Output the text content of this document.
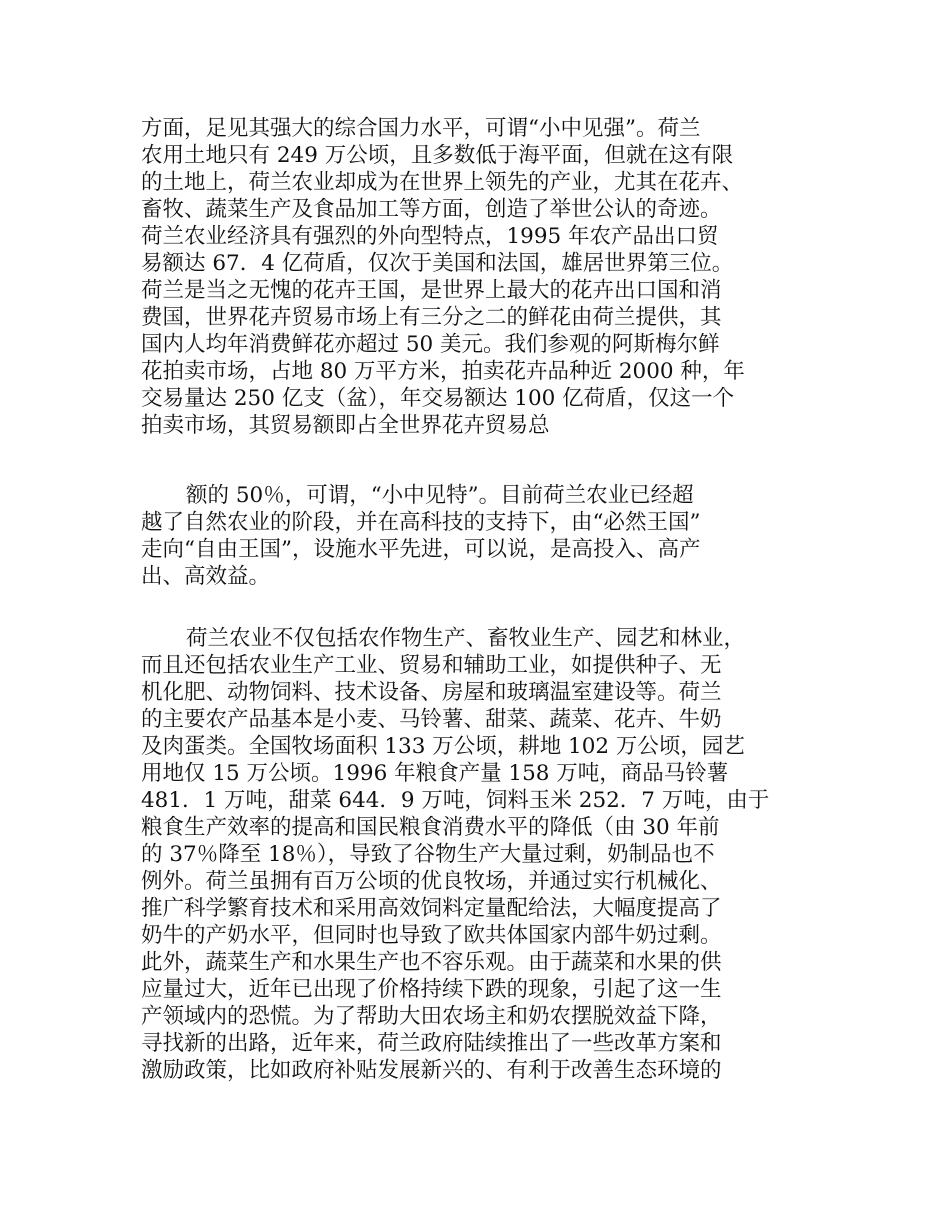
方面，足见其强大的综合国力水平，可谓“小中见强”。荷兰
农用土地只有 249 万公顷，且多数低于海平面，但就在这有限
的土地上，荷兰农业却成为在世界上领先的产业，尤其在花卉、
畜牧、蔬菜生产及食品加工等方面，创造了举世公认的奇迹。
荷兰农业经济具有强烈的外向型特点，1995 年农产品出口贸
易额达 67．4 亿荷盾，仅次于美国和法国，雄居世界第三位。
荷兰是当之无愧的花卉王国，是世界上最大的花卉出口国和消
费国，世界花卉贸易市场上有三分之二的鲜花由荷兰提供，其
国内人均年消费鲜花亦超过 50 美元。我们参观的阿斯梅尔鲜
花拍卖市场，占地 80 万平方米，拍卖花卉品种近 2000 种，年
交易量达 250 亿支（盆），年交易额达 100 亿荷盾，仅这一个
拍卖市场，其贸易额即占全世界花卉贸易总
额的 50％，可谓，“小中见特”。目前荷兰农业已经超
越了自然农业的阶段，并在高科技的支持下，由“必然王国”
走向“自由王国”，设施水平先进，可以说，是高投入、高产
出、高效益。
荷兰农业不仅包括农作物生产、畜牧业生产、园艺和林业，
而且还包括农业生产工业、贸易和辅助工业，如提供种子、无
机化肥、动物饲料、技术设备、房屋和玻璃温室建设等。荷兰
的主要农产品基本是小麦、马铃薯、甜菜、蔬菜、花卉、牛奶
及肉蛋类。全国牧场面积 133 万公顷，耕地 102 万公顷，园艺
用地仅 15 万公顷。1996 年粮食产量 158 万吨，商品马铃薯
481．1 万吨，甜菜 644．9 万吨，饲料玉米 252．7 万吨，由于
粮食生产效率的提高和国民粮食消费水平的降低（由 30 年前
的 37％降至 18％），导致了谷物生产大量过剩，奶制品也不
例外。荷兰虽拥有百万公顷的优良牧场，并通过实行机械化、
推广科学繁育技术和采用高效饲料定量配给法，大幅度提高了
奶牛的产奶水平，但同时也导致了欧共体国家内部牛奶过剩。
此外，蔬菜生产和水果生产也不容乐观。由于蔬菜和水果的供
应量过大，近年已出现了价格持续下跌的现象，引起了这一生
产领域内的恐慌。为了帮助大田农场主和奶农摆脱效益下降，
寻找新的出路，近年来，荷兰政府陆续推出了一些改革方案和
激励政策，比如政府补贴发展新兴的、有利于改善生态环境的
